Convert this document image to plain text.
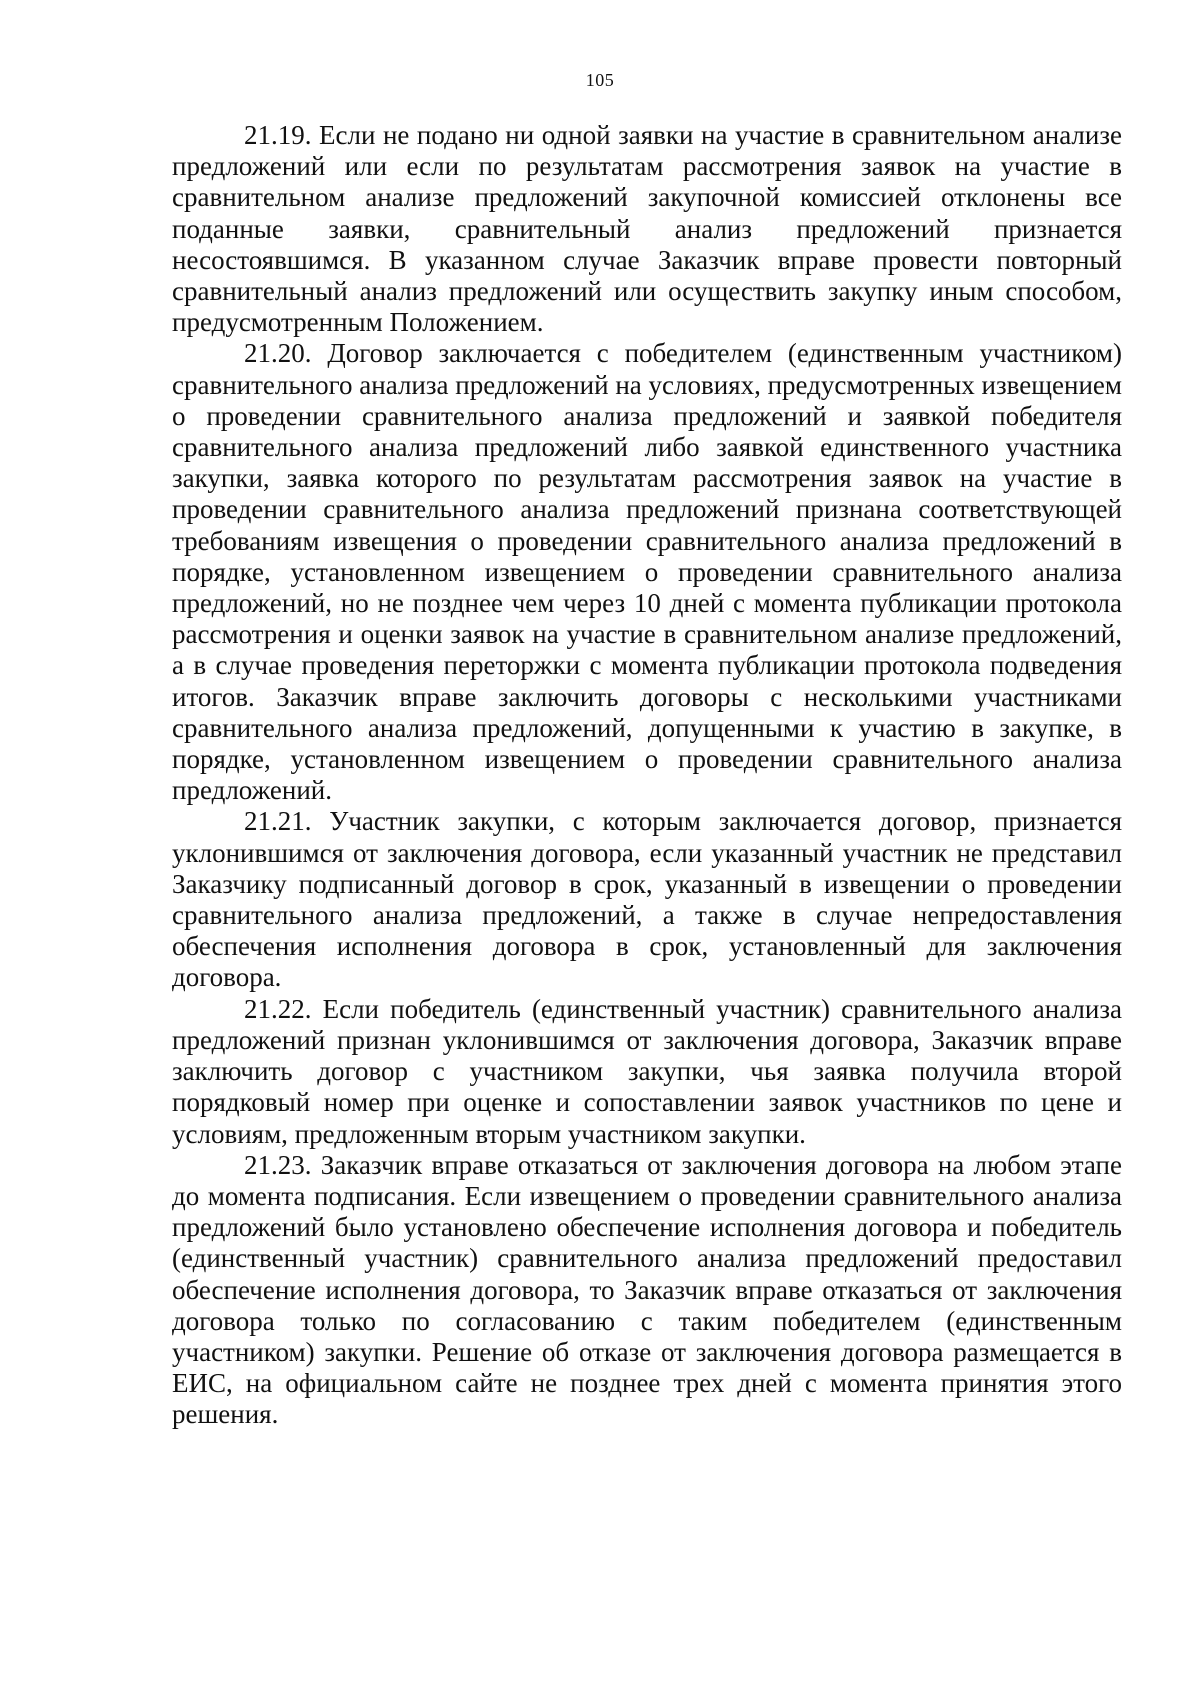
105

21.19. Если не подано ни одной заявки на участие в сравнительном анализе предложений или если по результатам рассмотрения заявок на участие в сравнительном анализе предложений закупочной комиссией отклонены все поданные заявки, сравнительный анализ предложений признается несостоявшимся. В указанном случае Заказчик вправе провести повторный сравнительный анализ предложений или осуществить закупку иным способом, предусмотренным Положением.

21.20. Договор заключается с победителем (единственным участником) сравнительного анализа предложений на условиях, предусмотренных извещением о проведении сравнительного анализа предложений и заявкой победителя сравнительного анализа предложений либо заявкой единственного участника закупки, заявка которого по результатам рассмотрения заявок на участие в проведении сравнительного анализа предложений признана соответствующей требованиям извещения о проведении сравнительного анализа предложений в порядке, установленном извещением о проведении сравнительного анализа предложений, но не позднее чем через 10 дней с момента публикации протокола рассмотрения и оценки заявок на участие в сравнительном анализе предложений, а в случае проведения переторжки с момента публикации протокола подведения итогов. Заказчик вправе заключить договоры с несколькими участниками сравнительного анализа предложений, допущенными к участию в закупке, в порядке, установленном извещением о проведении сравнительного анализа предложений.

21.21. Участник закупки, с которым заключается договор, признается уклонившимся от заключения договора, если указанный участник не представил Заказчику подписанный договор в срок, указанный в извещении о проведении сравнительного анализа предложений, а также в случае непредоставления обеспечения исполнения договора в срок, установленный для заключения договора.

21.22. Если победитель (единственный участник) сравнительного анализа предложений признан уклонившимся от заключения договора, Заказчик вправе заключить договор с участником закупки, чья заявка получила второй порядковый номер при оценке и сопоставлении заявок участников по цене и условиям, предложенным вторым участником закупки.

21.23. Заказчик вправе отказаться от заключения договора на любом этапе до момента подписания. Если извещением о проведении сравнительного анализа предложений было установлено обеспечение исполнения договора и победитель (единственный участник) сравнительного анализа предложений предоставил обеспечение исполнения договора, то Заказчик вправе отказаться от заключения договора только по согласованию с таким победителем (единственным участником) закупки. Решение об отказе от заключения договора размещается в ЕИС, на официальном сайте не позднее трех дней с момента принятия этого решения.
